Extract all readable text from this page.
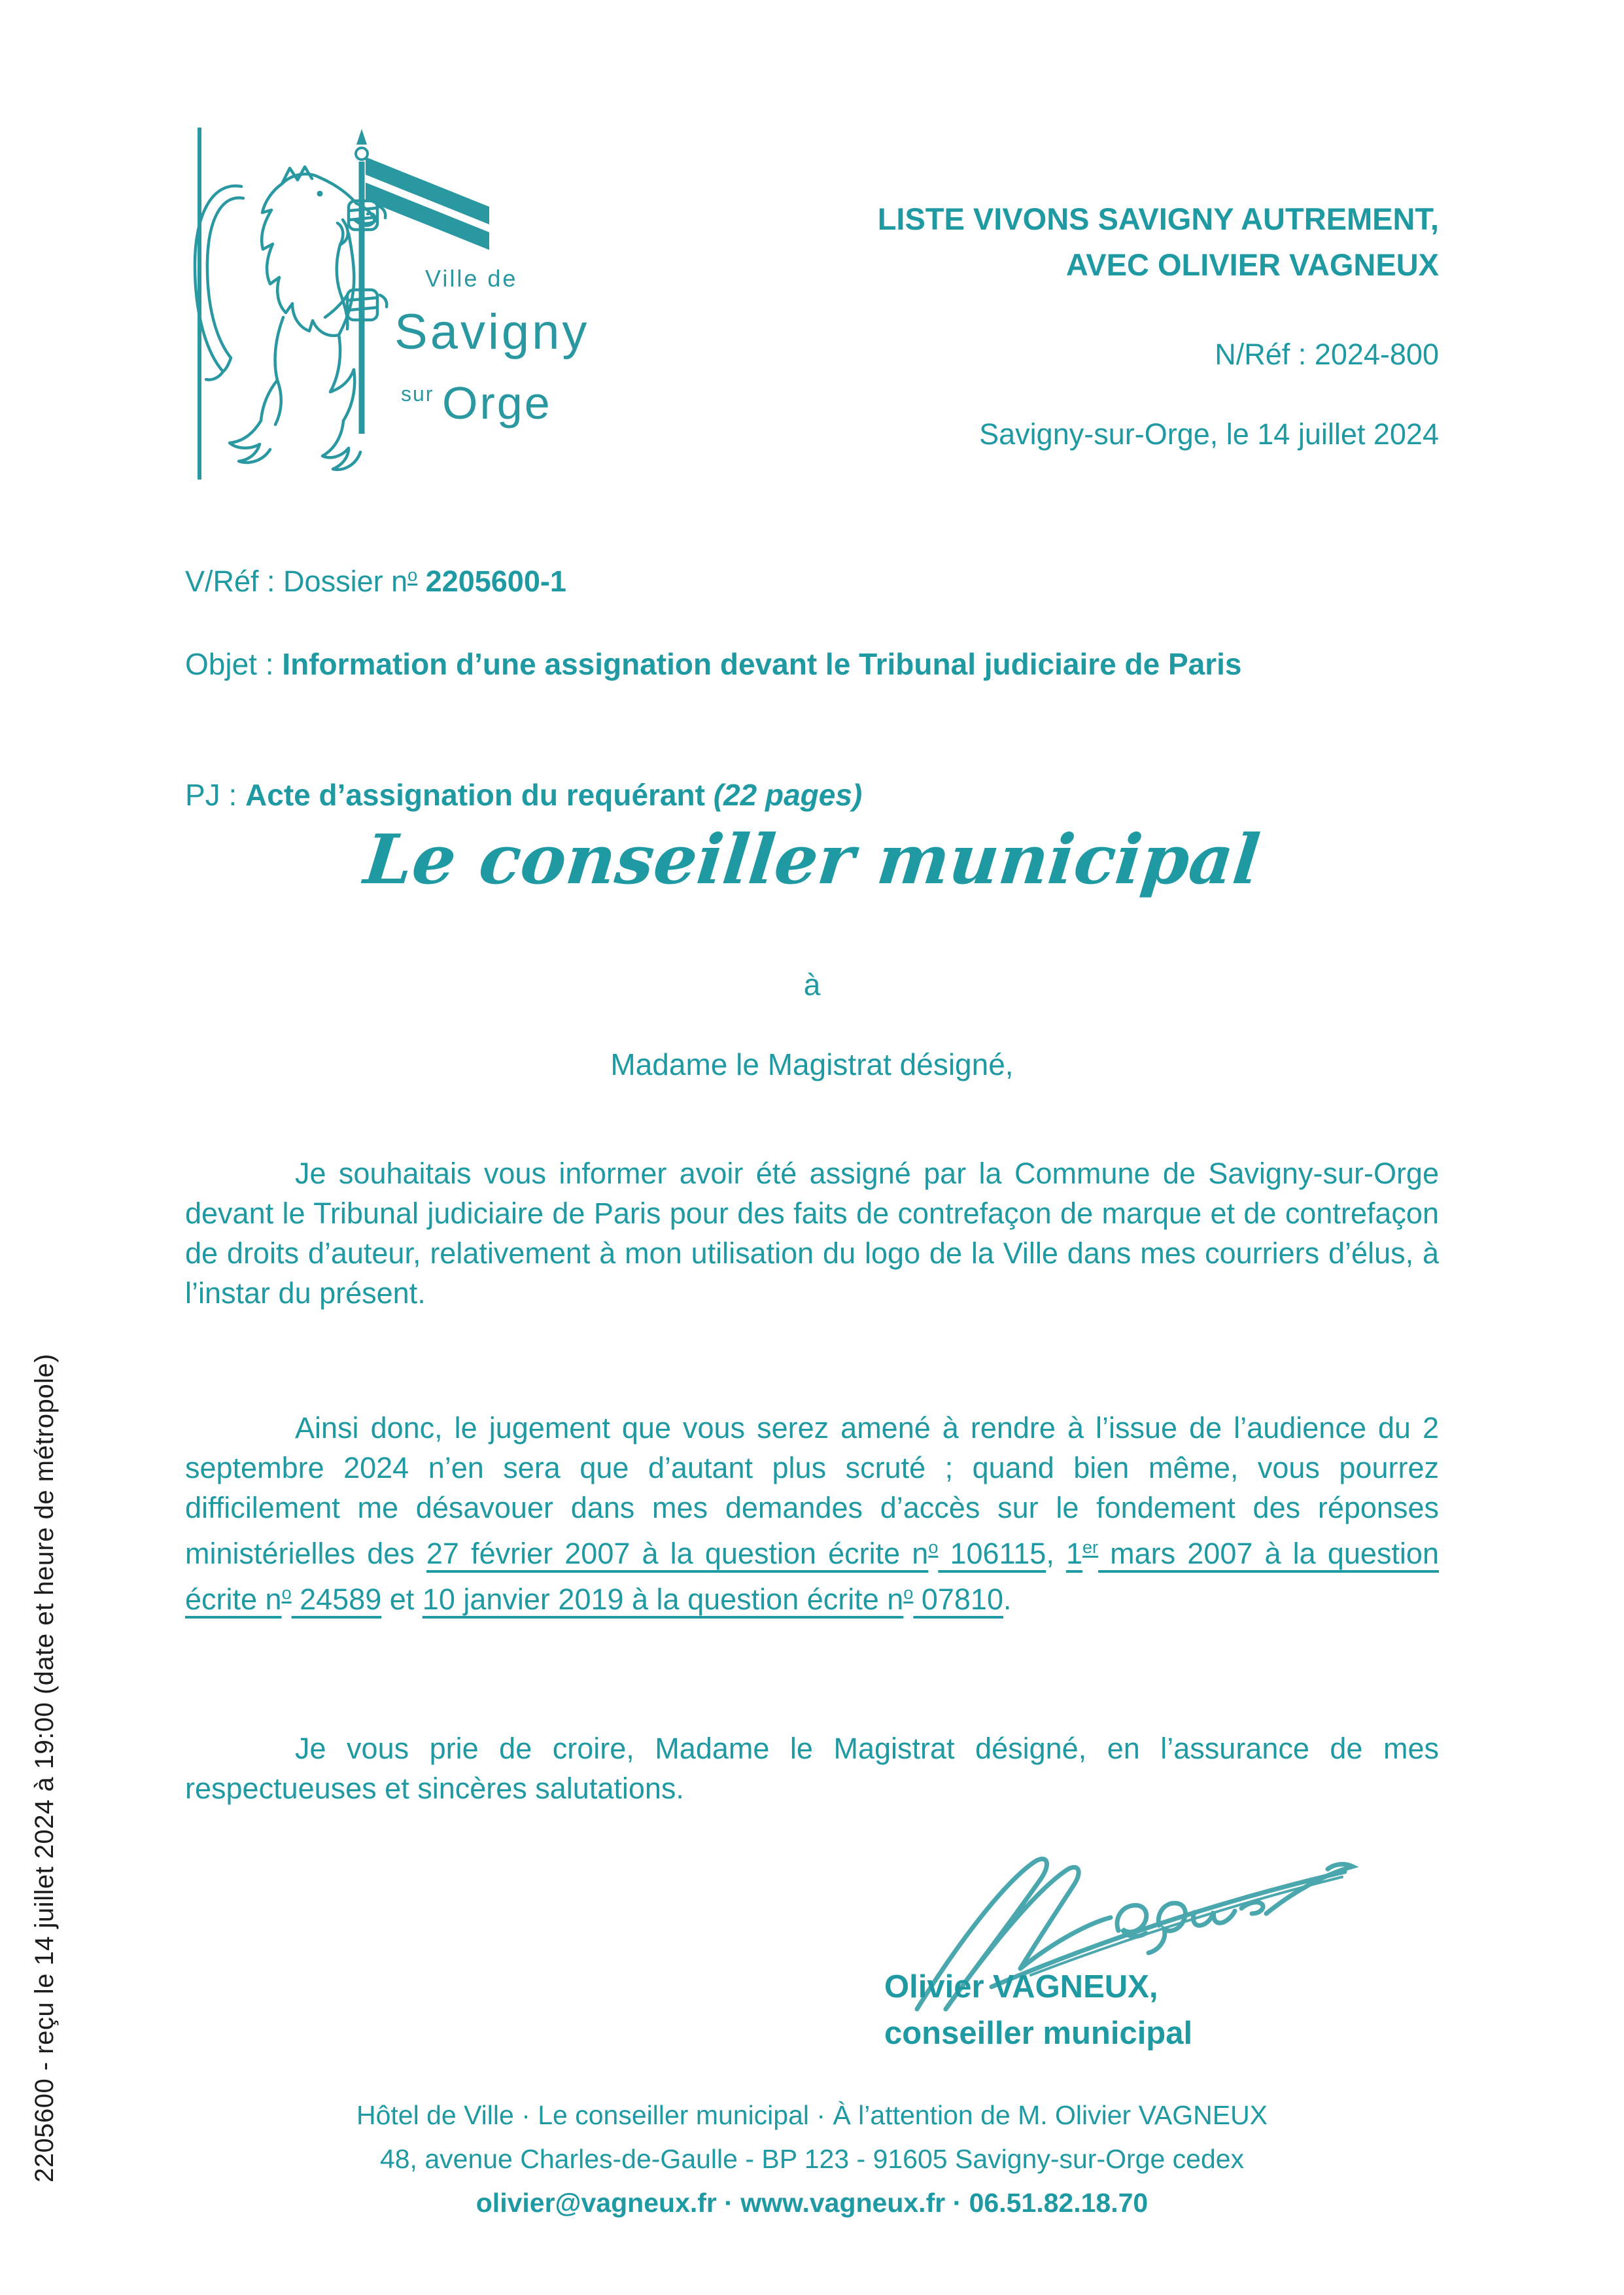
2205600 - reçu le 14 juillet 2024 à 19:00 (date et heure de métropole)
Ville de
Savigny
sur Orge
LISTE VIVONS SAVIGNY AUTREMENT,
AVEC OLIVIER VAGNEUX
N/Réf : 2024-800
Savigny-sur-Orge, le 14 juillet 2024

V/Réf : Dossier $n^o$ 2205600-1

Objet : Information d’une assignation devant le Tribunal judiciaire de Paris

PJ : Acte d’assignation du requérant (22 pages)

Le conseiller municipal
à
Madame le Magistrat désigné,

Je souhaitais vous informer avoir été assigné par la Commune de Savigny-sur-Orge devant le Tribunal judiciaire de Paris pour des faits de contrefaçon de marque et de contrefaçon de droits d’auteur, relativement à mon utilisation du logo de la Ville dans mes courriers d’élus, à l’instar du présent.

Ainsi donc, le jugement que vous serez amené à rendre à l’issue de l’audience du 2 septembre 2024 n’en sera que d’autant plus scruté ; quand bien même, vous pourrez difficilement me désavouer dans mes demandes d’accès sur le fondement des réponses ministérielles des 27 février 2007 à la question écrite $n^o$ 106115, 1er mars 2007 à la question écrite $n^o$ 24589 et 10 janvier 2019 à la question écrite $n^o$ 07810.

Je vous prie de croire, Madame le Magistrat désigné, en l’assurance de mes respectueuses et sincères salutations.

Olivier VAGNEUX,
conseiller municipal
Hôtel de Ville · Le conseiller municipal · À l’attention de M. Olivier VAGNEUX
48, avenue Charles-de-Gaulle - BP 123 - 91605 Savigny-sur-Orge cedex
olivier@vagneux.fr · www.vagneux.fr · 06.51.82.18.70
